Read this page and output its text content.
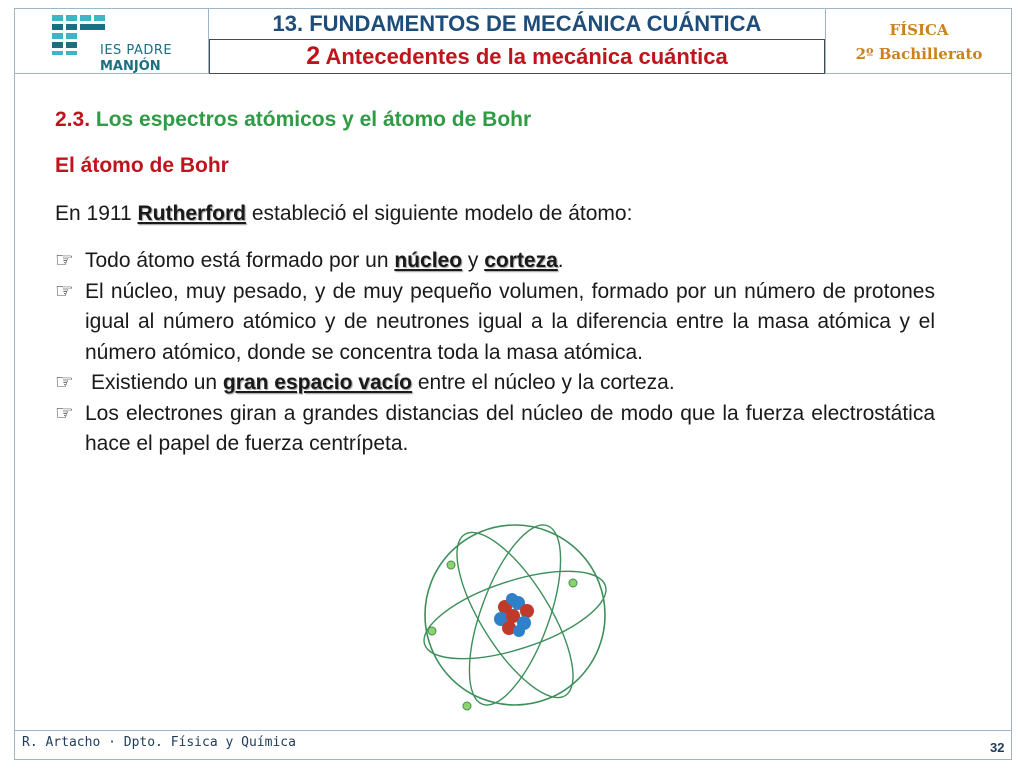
IES PADRE
MANJÓN
13. FUNDAMENTOS DE MECÁNICA CUÁNTICA
2 Antecedentes de la mecánica cuántica
FÍSICA
2º Bachillerato
2.3. Los espectros atómicos y el átomo de Bohr
El átomo de Bohr
En 1911 Rutherford estableció el siguiente modelo de átomo:
☞ Todo átomo está formado por un núcleo y corteza.
☞ El núcleo, muy pesado, y de muy pequeño volumen, formado por un número de protones igual al número atómico y de neutrones igual a la diferencia entre la masa atómica y el número atómico, donde se concentra toda la masa atómica.
☞ Existiendo un gran espacio vacío entre el núcleo y la corteza.
☞ Los electrones giran a grandes distancias del núcleo de modo que la fuerza electrostática hace el papel de fuerza centrípeta.
R. Artacho · Dpto. Física y Química	32
